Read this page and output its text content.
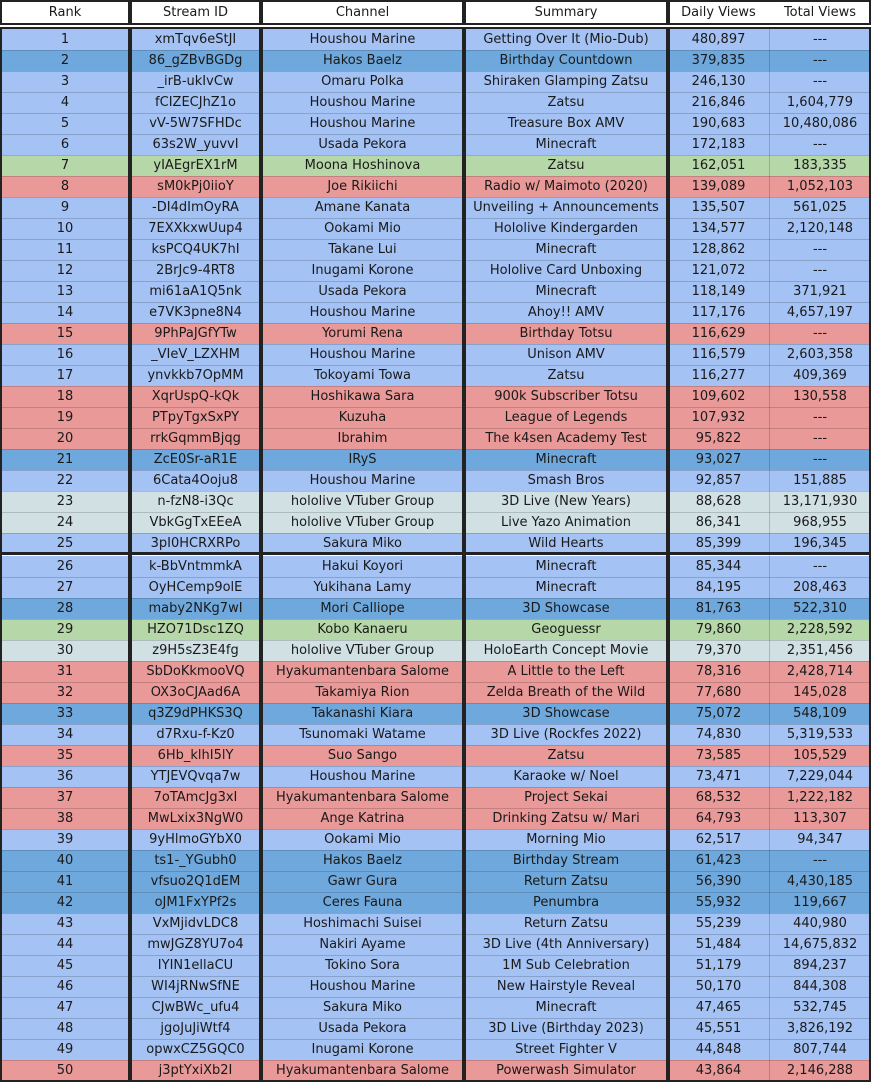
Rank	Stream ID	Channel	Summary	Daily Views	Total Views
1	xmTqv6eStJI	Houshou Marine	Getting Over It (Mio-Dub)	480,897	---
2	86_gZBvBGDg	Hakos Baelz	Birthday Countdown	379,835	---
3	_irB-ukIvCw	Omaru Polka	Shiraken Glamping Zatsu	246,130	---
4	fCIZECJhZ1o	Houshou Marine	Zatsu	216,846	1,604,779
5	vV-5W7SFHDc	Houshou Marine	Treasure Box AMV	190,683	10,480,086
6	63s2W_yuvvI	Usada Pekora	Minecraft	172,183	---
7	yIAEgrEX1rM	Moona Hoshinova	Zatsu	162,051	183,335
8	sM0kPj0iioY	Joe Rikiichi	Radio w/ Maimoto (2020)	139,089	1,052,103
9	-DI4dImOyRA	Amane Kanata	Unveiling + Announcements	135,507	561,025
10	7EXXkxwUup4	Ookami Mio	Hololive Kindergarden	134,577	2,120,148
11	ksPCQ4UK7hI	Takane Lui	Minecraft	128,862	---
12	2BrJc9-4RT8	Inugami Korone	Hololive Card Unboxing	121,072	---
13	mi61aA1Q5nk	Usada Pekora	Minecraft	118,149	371,921
14	e7VK3pne8N4	Houshou Marine	Ahoy!! AMV	117,176	4,657,197
15	9PhPaJGfYTw	Yorumi Rena	Birthday Totsu	116,629	---
16	_VIeV_LZXHM	Houshou Marine	Unison AMV	116,579	2,603,358
17	ynvkkb7OpMM	Tokoyami Towa	Zatsu	116,277	409,369
18	XqrUspQ-kQk	Hoshikawa Sara	900k Subscriber Totsu	109,602	130,558
19	PTpyTgxSxPY	Kuzuha	League of Legends	107,932	---
20	rrkGqmmBjqg	Ibrahim	The k4sen Academy Test	95,822	---
21	ZcE0Sr-aR1E	IRyS	Minecraft	93,027	---
22	6Cata4Ooju8	Houshou Marine	Smash Bros	92,857	151,885
23	n-fzN8-i3Qc	hololive VTuber Group	3D Live (New Years)	88,628	13,171,930
24	VbkGgTxEEeA	hololive VTuber Group	Live Yazo Animation	86,341	968,955
25	3pI0HCRXRPo	Sakura Miko	Wild Hearts	85,399	196,345
26	k-BbVntmmkA	Hakui Koyori	Minecraft	85,344	---
27	OyHCemp9olE	Yukihana Lamy	Minecraft	84,195	208,463
28	maby2NKg7wI	Mori Calliope	3D Showcase	81,763	522,310
29	HZO71Dsc1ZQ	Kobo Kanaeru	Geoguessr	79,860	2,228,592
30	z9H5sZ3E4fg	hololive VTuber Group	HoloEarth Concept Movie	79,370	2,351,456
31	SbDoKkmooVQ	Hyakumantenbara Salome	A Little to the Left	78,316	2,428,714
32	OX3oCJAad6A	Takamiya Rion	Zelda Breath of the Wild	77,680	145,028
33	q3Z9dPHKS3Q	Takanashi Kiara	3D Showcase	75,072	548,109
34	d7Rxu-f-Kz0	Tsunomaki Watame	3D Live (Rockfes 2022)	74,830	5,319,533
35	6Hb_klhI5lY	Suo Sango	Zatsu	73,585	105,529
36	YTJEVQvqa7w	Houshou Marine	Karaoke w/ Noel	73,471	7,229,044
37	7oTAmcJg3xI	Hyakumantenbara Salome	Project Sekai	68,532	1,222,182
38	MwLxix3NgW0	Ange Katrina	Drinking Zatsu w/ Mari	64,793	113,307
39	9yHlmoGYbX0	Ookami Mio	Morning Mio	62,517	94,347
40	ts1-_YGubh0	Hakos Baelz	Birthday Stream	61,423	---
41	vfsuo2Q1dEM	Gawr Gura	Return Zatsu	56,390	4,430,185
42	oJM1FxYPf2s	Ceres Fauna	Penumbra	55,932	119,667
43	VxMjidvLDC8	Hoshimachi Suisei	Return Zatsu	55,239	440,980
44	mwJGZ8YU7o4	Nakiri Ayame	3D Live (4th Anniversary)	51,484	14,675,832
45	IYIN1ellaCU	Tokino Sora	1M Sub Celebration	51,179	894,237
46	WI4jRNwSfNE	Houshou Marine	New Hairstyle Reveal	50,170	844,308
47	CJwBWc_ufu4	Sakura Miko	Minecraft	47,465	532,745
48	jgoJuJiWtf4	Usada Pekora	3D Live (Birthday 2023)	45,551	3,826,192
49	opwxCZ5GQC0	Inugami Korone	Street Fighter V	44,848	807,744
50	j3ptYxiXb2I	Hyakumantenbara Salome	Powerwash Simulator	43,864	2,146,288
